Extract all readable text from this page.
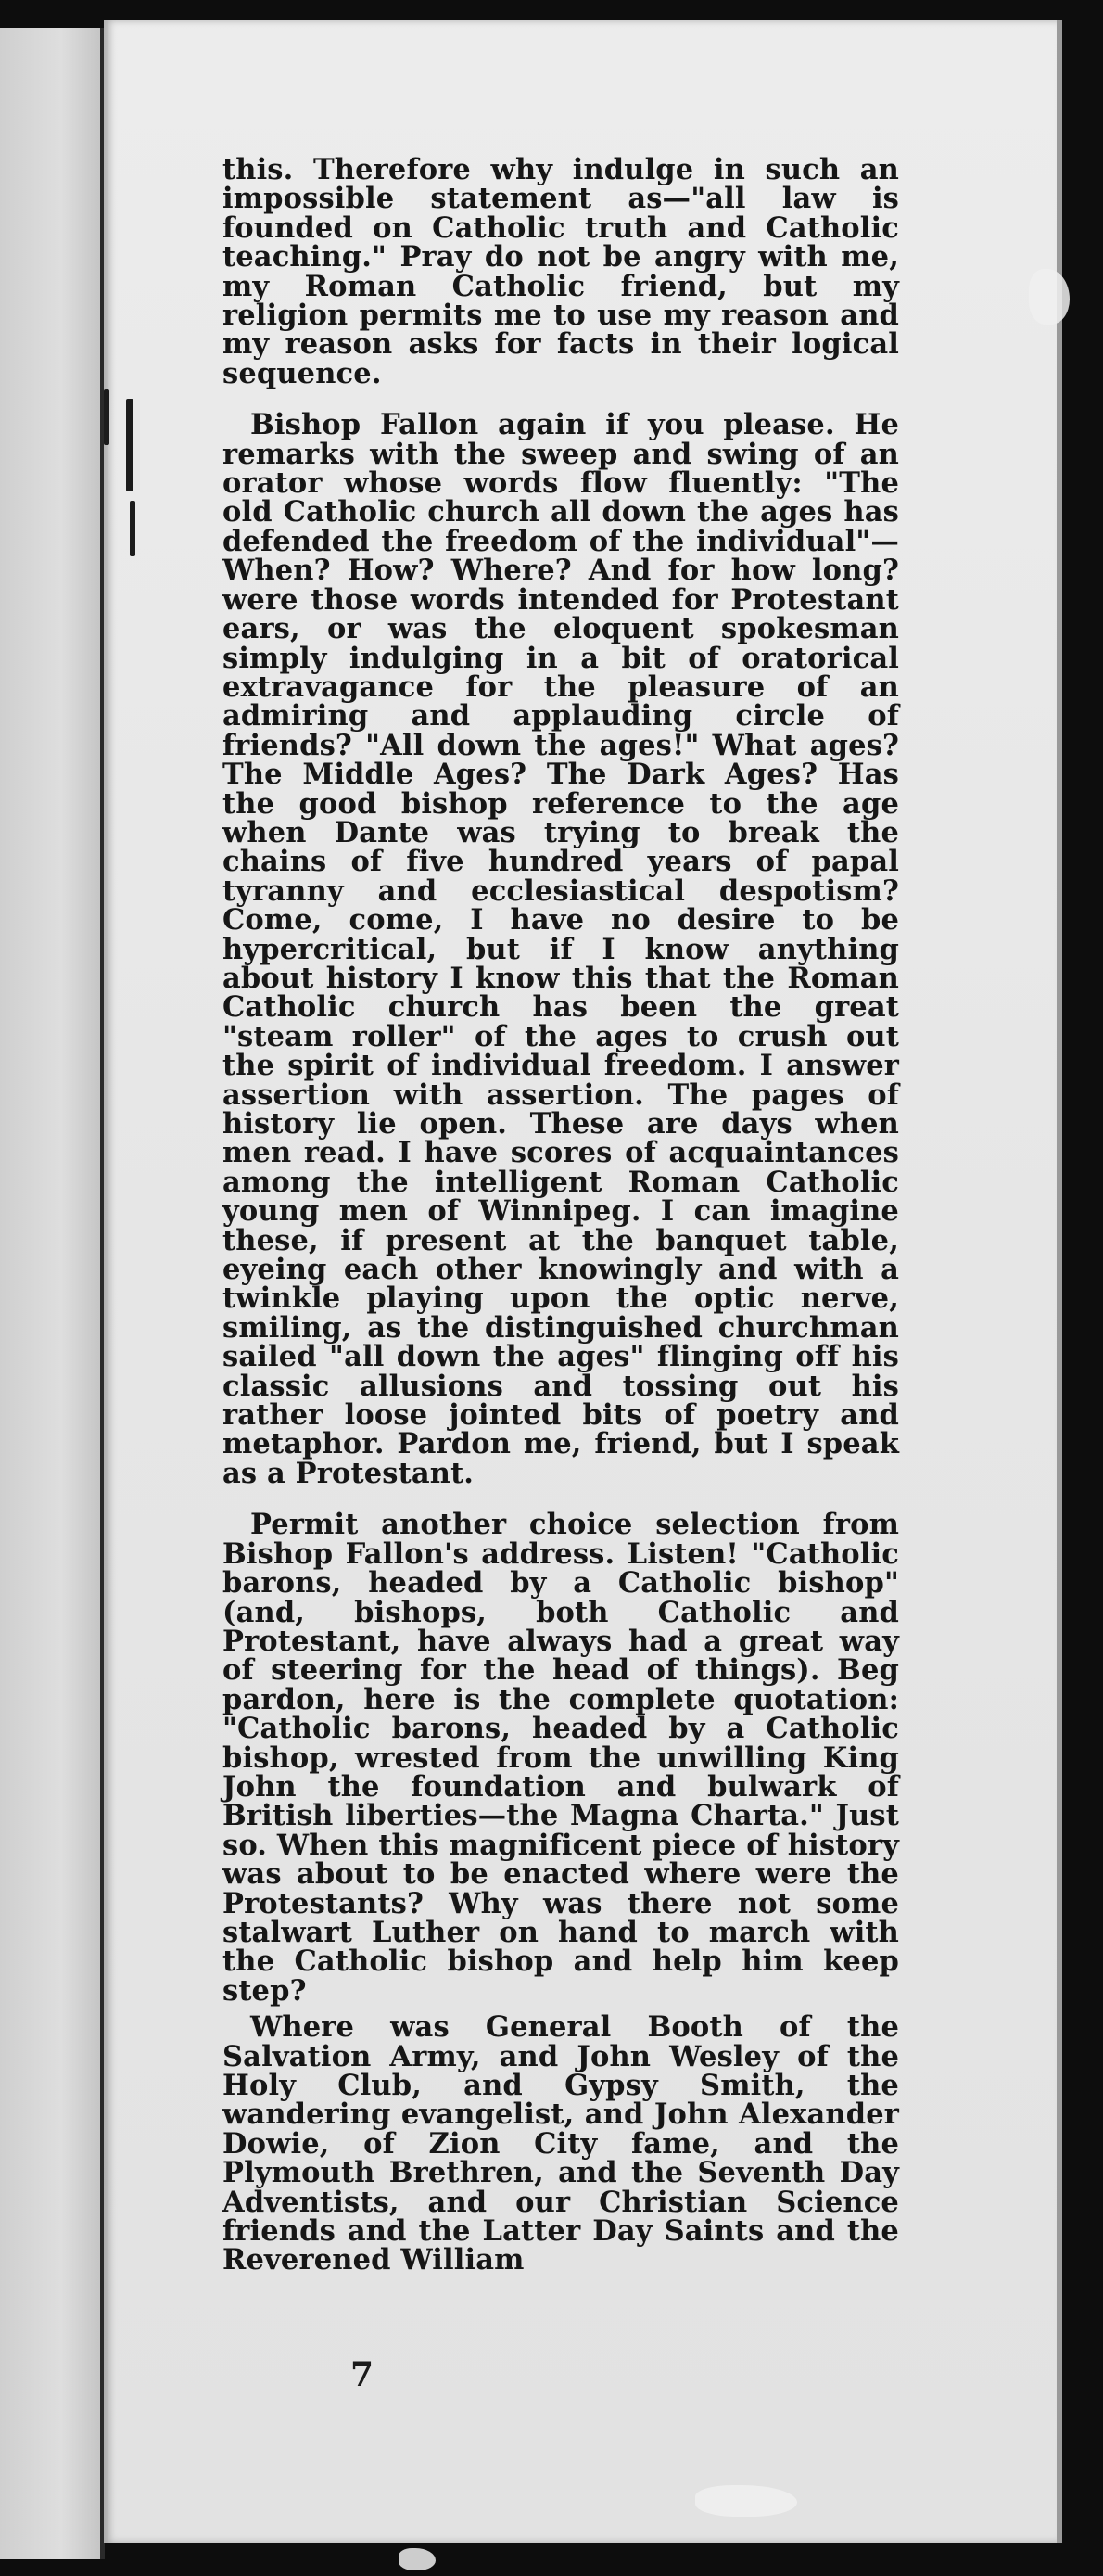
this. Therefore why indulge in such an impossible statement as—"all law is founded on Catholic truth and Catholic teaching." Pray do not be angry with me, my Roman Catholic friend, but my religion permits me to use my reason and my reason asks for facts in their logical sequence.

Bishop Fallon again if you please. He remarks with the sweep and swing of an orator whose words flow fluently: "The old Catholic church all down the ages has defended the freedom of the individual"—When? How? Where? And for how long? were those words intended for Protestant ears, or was the eloquent spokesman simply indulging in a bit of oratorical extravagance for the pleasure of an admiring and applauding circle of friends? "All down the ages!" What ages? The Middle Ages? The Dark Ages? Has the good bishop reference to the age when Dante was trying to break the chains of five hundred years of papal tyranny and ecclesiastical despotism? Come, come, I have no desire to be hypercritical, but if I know anything about history I know this that the Roman Catholic church has been the great "steam roller" of the ages to crush out the spirit of individual freedom. I answer assertion with assertion. The pages of history lie open. These are days when men read. I have scores of acquaintances among the intelligent Roman Catholic young men of Winnipeg. I can imagine these, if present at the banquet table, eyeing each other knowingly and with a twinkle playing upon the optic nerve, smiling, as the distinguished churchman sailed "all down the ages" flinging off his classic allusions and tossing out his rather loose jointed bits of poetry and metaphor. Pardon me, friend, but I speak as a Protestant.

Permit another choice selection from Bishop Fallon's address. Listen! "Catholic barons, headed by a Catholic bishop" (and, bishops, both Catholic and Protestant, have always had a great way of steering for the head of things). Beg pardon, here is the complete quotation: "Catholic barons, headed by a Catholic bishop, wrested from the unwilling King John the foundation and bulwark of British liberties—the Magna Charta." Just so. When this magnificent piece of history was about to be enacted where were the Protestants? Why was there not some stalwart Luther on hand to march with the Catholic bishop and help him keep step?

Where was General Booth of the Salvation Army, and John Wesley of the Holy Club, and Gypsy Smith, the wandering evangelist, and John Alexander Dowie, of Zion City fame, and the Plymouth Brethren, and the Seventh Day Adventists, and our Christian Science friends and the Latter Day Saints and the Reverened William

7
